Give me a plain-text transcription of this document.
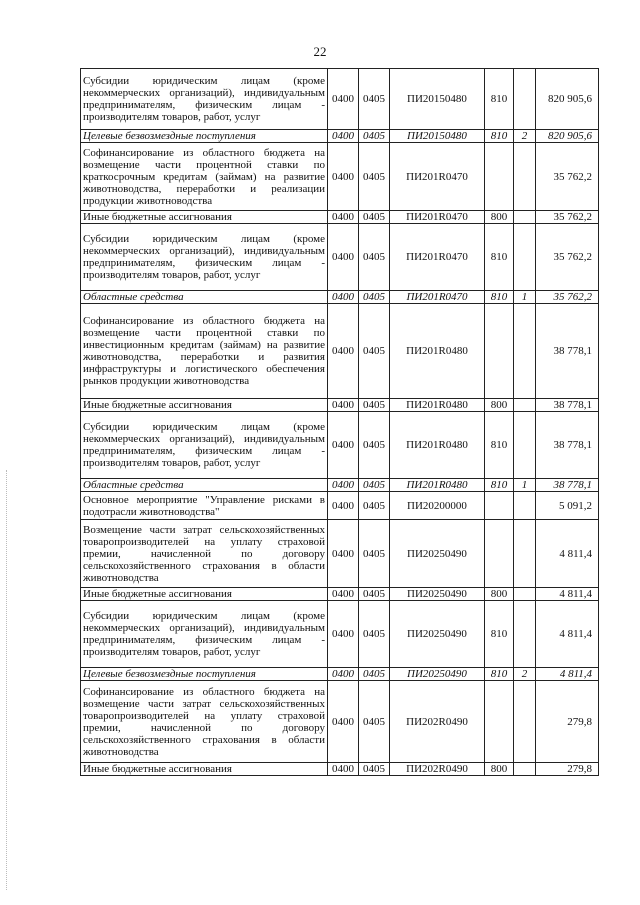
22
Субсидии юридическим лицам (кроме некоммерческих организаций), индивидуальным предпринимателям, физическим лицам - производителям товаров, работ, услуг	0400	0405	ПИ20150480	810		820 905,6
Целевые безвозмездные поступления	0400	0405	ПИ20150480	810	2	820 905,6
Софинансирование из областного бюджета на возмещение части процентной ставки по краткосрочным кредитам (займам) на развитие животноводства, переработки и реализации продукции животноводства	0400	0405	ПИ201R0470			35 762,2
Иные бюджетные ассигнования	0400	0405	ПИ201R0470	800		35 762,2
Субсидии юридическим лицам (кроме некоммерческих организаций), индивидуальным предпринимателям, физическим лицам - производителям товаров, работ, услуг	0400	0405	ПИ201R0470	810		35 762,2
Областные средства	0400	0405	ПИ201R0470	810	1	35 762,2
Софинансирование из областного бюджета на возмещение части процентной ставки по инвестиционным кредитам (займам) на развитие животноводства, переработки и развития инфраструктуры и логистического обеспечения рынков продукции животноводства	0400	0405	ПИ201R0480			38 778,1
Иные бюджетные ассигнования	0400	0405	ПИ201R0480	800		38 778,1
Субсидии юридическим лицам (кроме некоммерческих организаций), индивидуальным предпринимателям, физическим лицам - производителям товаров, работ, услуг	0400	0405	ПИ201R0480	810		38 778,1
Областные средства	0400	0405	ПИ201R0480	810	1	38 778,1
Основное мероприятие "Управление рисками в подотрасли животноводства"	0400	0405	ПИ20200000			5 091,2
Возмещение части затрат сельскохозяйственных товаропроизводителей на уплату страховой премии, начисленной по договору сельскохозяйственного страхования в области животноводства	0400	0405	ПИ20250490			4 811,4
Иные бюджетные ассигнования	0400	0405	ПИ20250490	800		4 811,4
Субсидии юридическим лицам (кроме некоммерческих организаций), индивидуальным предпринимателям, физическим лицам - производителям товаров, работ, услуг	0400	0405	ПИ20250490	810		4 811,4
Целевые безвозмездные поступления	0400	0405	ПИ20250490	810	2	4 811,4
Софинансирование из областного бюджета на возмещение части затрат сельскохозяйственных товаропроизводителей на уплату страховой премии, начисленной по договору сельскохозяйственного страхования в области животноводства	0400	0405	ПИ202R0490			279,8
Иные бюджетные ассигнования	0400	0405	ПИ202R0490	800		279,8
